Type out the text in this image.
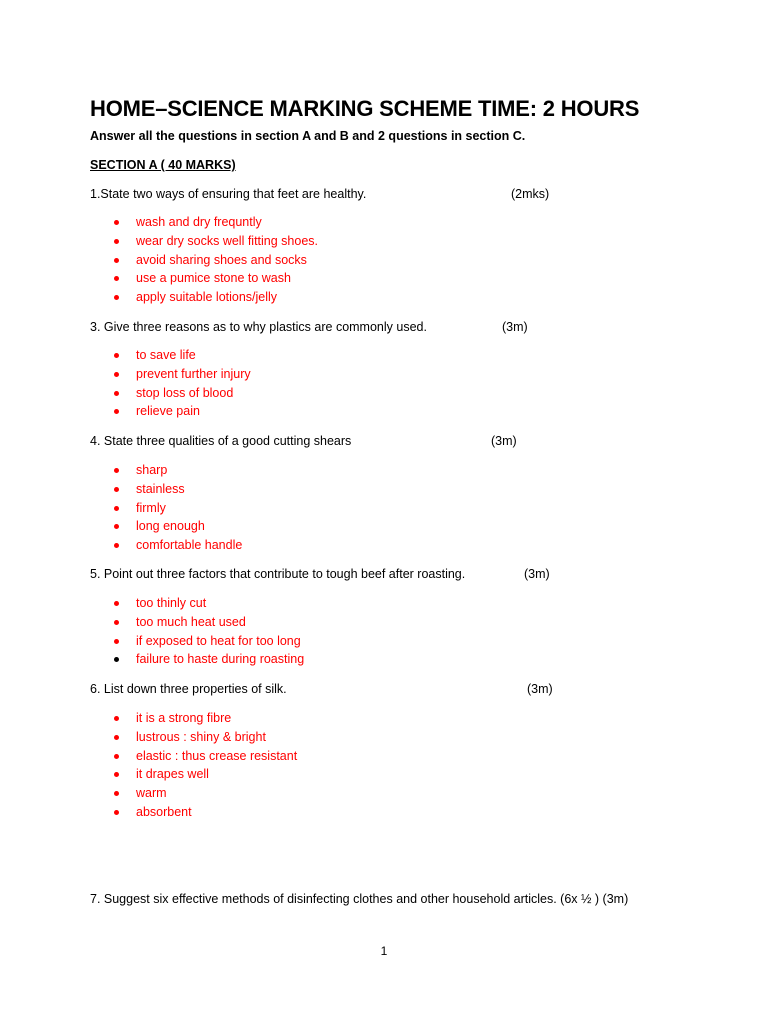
HOME–SCIENCE MARKING SCHEME TIME: 2 HOURS
Answer all the questions in section A and B and 2 questions in section C.
SECTION A ( 40 MARKS)
1.State two ways of ensuring that feet are healthy.	(2mks)
wash and dry frequntly
wear dry socks well fitting shoes.
avoid sharing shoes and socks
use a pumice stone to wash
apply suitable lotions/jelly
3. Give three reasons as to why plastics are commonly used.	(3m)
to save life
prevent further injury
stop loss of blood
relieve pain
4. State three qualities of a good cutting shears	(3m)
sharp
stainless
firmly
long enough
comfortable handle
5. Point out three factors that contribute to tough beef after roasting.	(3m)
too thinly cut
too much heat used
if exposed to heat for too long
failure to haste during roasting
6. List down three properties of silk.	(3m)
it is a strong fibre
lustrous : shiny & bright
elastic : thus crease resistant
it drapes well
warm
absorbent
7. Suggest six effective methods of disinfecting clothes and other household articles. (6x ½ ) (3m)
1
